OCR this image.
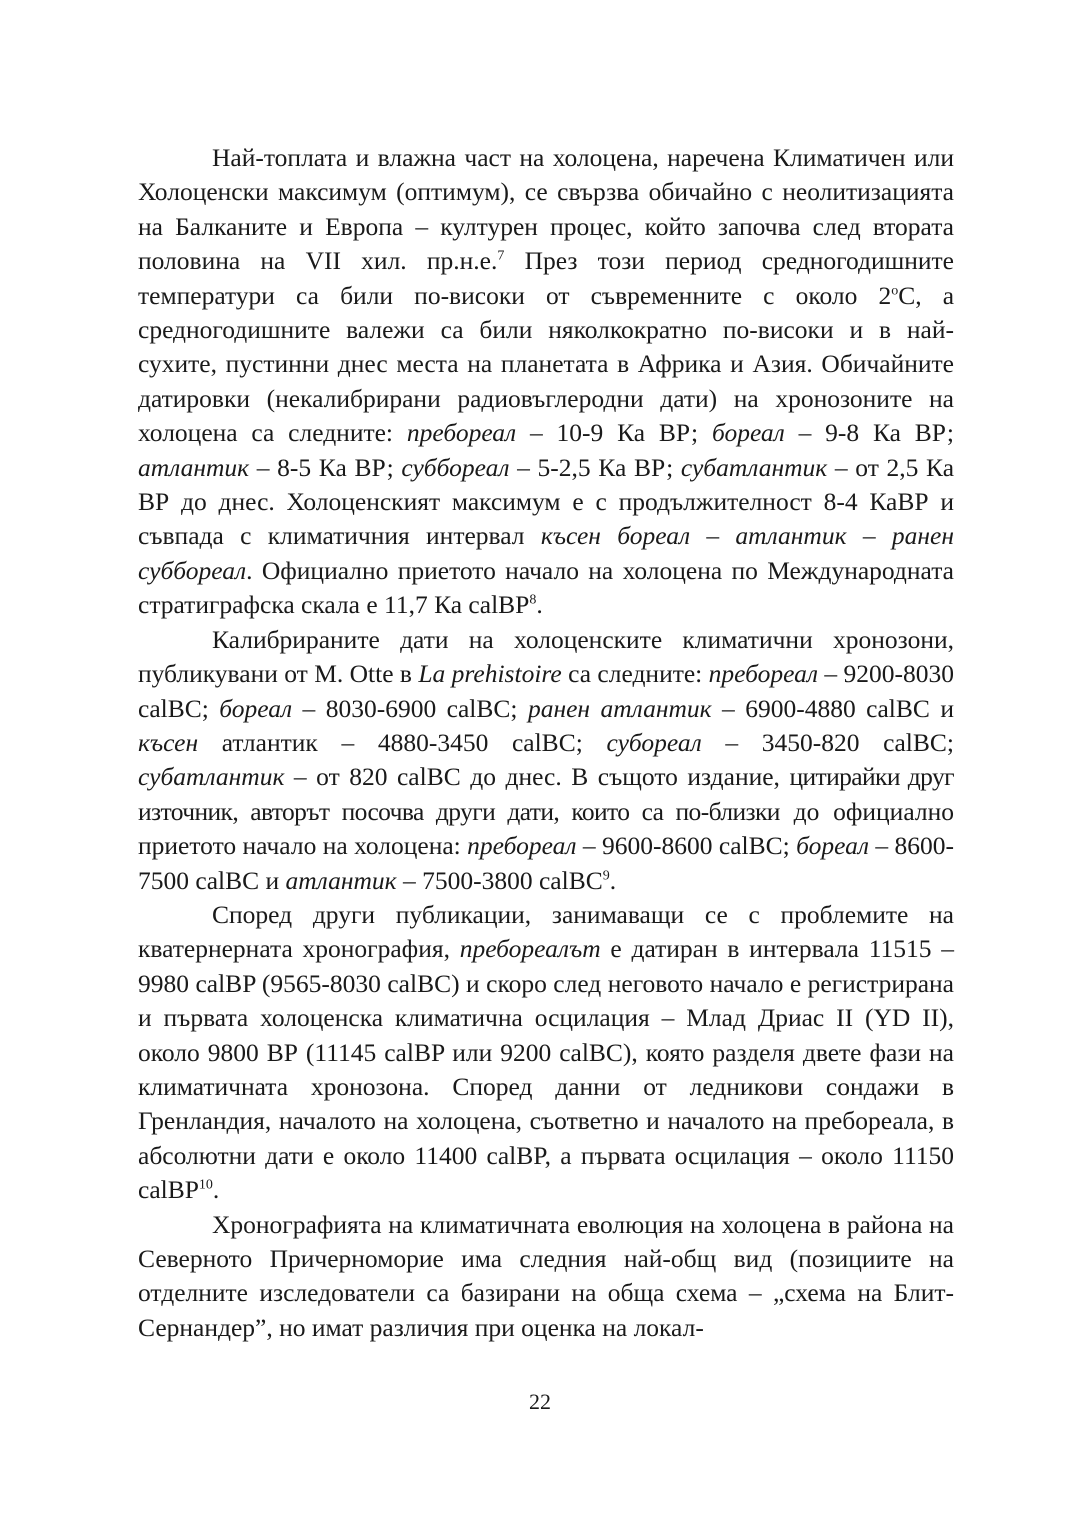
Най-топлата и влажна част на холоцена, наречена Климатичен или Холоценски максимум (оптимум), се свързва обичайно с неолитизацията на Балканите и Европа – културен процес, който започва след втората половина на VII хил. пр.н.е.$^7$ През този период средногодишните температури са били по-високи от съвременните с около 2$^o$С, а средногодишните валежи са били няколкократно по-високи и в най-сухите, пустинни днес места на планетата в Африка и Азия. Обичайните датировки (некалибрирани радиовъглеродни дати) на хронозоните на холоцена са следните: пребореал – 10-9 Ка ВР; бореал – 9-8 Ка ВР; атлантик – 8-5 Ка ВР; суббореал – 5-2,5 Ка ВР; субатлантик – от 2,5 Ка ВР до днес. Холоценският максимум е с продължителност 8-4 КаВР и съвпада с климатичния интервал късен бореал – атлантик – ранен суббореал. Официално приетото начало на холоцена по Международната стратиграфска скала е 11,7 Ка calBP$^8$.

Калибрираните дати на холоценските климатични хронозони, публикувани от М. Otte в La prehistoire са следните: пребореал – 9200-8030 calBC; бореал – 8030-6900 calBC; ранен атлантик – 6900-4880 calBC и късен атлантик – 4880-3450 calBC; субореал – 3450-820 calBC; субатлантик – от 820 calBC до днес. В същото издание, цитирайки друг източник, авторът посочва други дати, които са по-близки до официално приетото начало на холоцена: пребореал – 9600-8600 calBC; бореал – 8600-7500 calBC и атлантик – 7500-3800 calBC$^9$.

Според други публикации, занимаващи се с проблемите на кватернерната хронография, пребореалът е датиран в интервала 11515 – 9980 calBP (9565-8030 calBC) и скоро след неговото начало е регистрирана и първата холоценска климатична осцилация – Млад Дриас II (YD II), около 9800 ВР (11145 calBP или 9200 calBC), която разделя двете фази на климатичната хронозона. Според данни от ледникови сондажи в Гренландия, началото на холоцена, съответно и началото на пребореала, в абсолютни дати е около 11400 calBP, а първата осцилация – около 11150 calBP$^{10}$.

Хронографията на климатичната еволюция на холоцена в района на Северното Причерноморие има следния най-общ вид (позициите на отделните изследователи са базирани на обща схема – „схема на Блит-Сернандер”, но имат различия при оценка на локал-

22
